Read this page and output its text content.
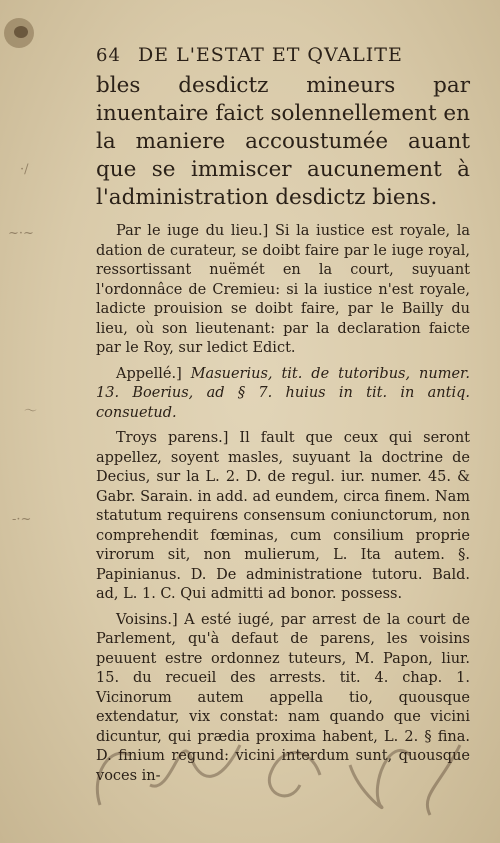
·/
~·~
〜
-·~
64 DE L'ESTAT ET QVALITE

bles desdictz mineurs par inuentaire faict solennellement en la maniere accoustumée auant que se immiscer aucunement à l'administration desdictz biens.

Par le iuge du lieu.] Si la iustice est royale, la dation de curateur, se doibt faire par le iuge royal, ressortissant nuëmét en la court, suyuant l'ordonnâce de Cremieu: si la iustice n'est royale, ladicte prouision se doibt faire, par le Bailly du lieu, où son lieutenant: par la declaration faicte par le Roy, sur ledict Edict.

Appellé.] Masuerius, tit. de tutoribus, numer. 13. Boerius, ad § 7. huius in tit. in antiq. consuetud.

Troys parens.] Il fault que ceux qui seront appellez, soyent masles, suyuant la doctrine de Decius, sur la L. 2. D. de regul. iur. numer. 45. & Gabr. Sarain. in add. ad eundem, circa finem. Nam statutum requirens consensum coniunctorum, non comprehendit fœminas, cum consilium proprie virorum sit, non mulierum, L. Ita autem. §. Papinianus. D. De administratione tutoru. Bald. ad, L. 1. C. Qui admitti ad bonor. possess.

Voisins.] A esté iugé, par arrest de la court de Parlement, qu'à defaut de parens, les voisins peuuent estre ordonnez tuteurs, M. Papon, liur. 15. du recueil des arrests. tit. 4. chap. 1. Vicinorum autem appella tio, quousque extendatur, vix constat: nam quando que vicini dicuntur, qui prædia proxima habent, L. 2. § fina. D. finium regund: vicini interdum sunt, quousque voces in-
